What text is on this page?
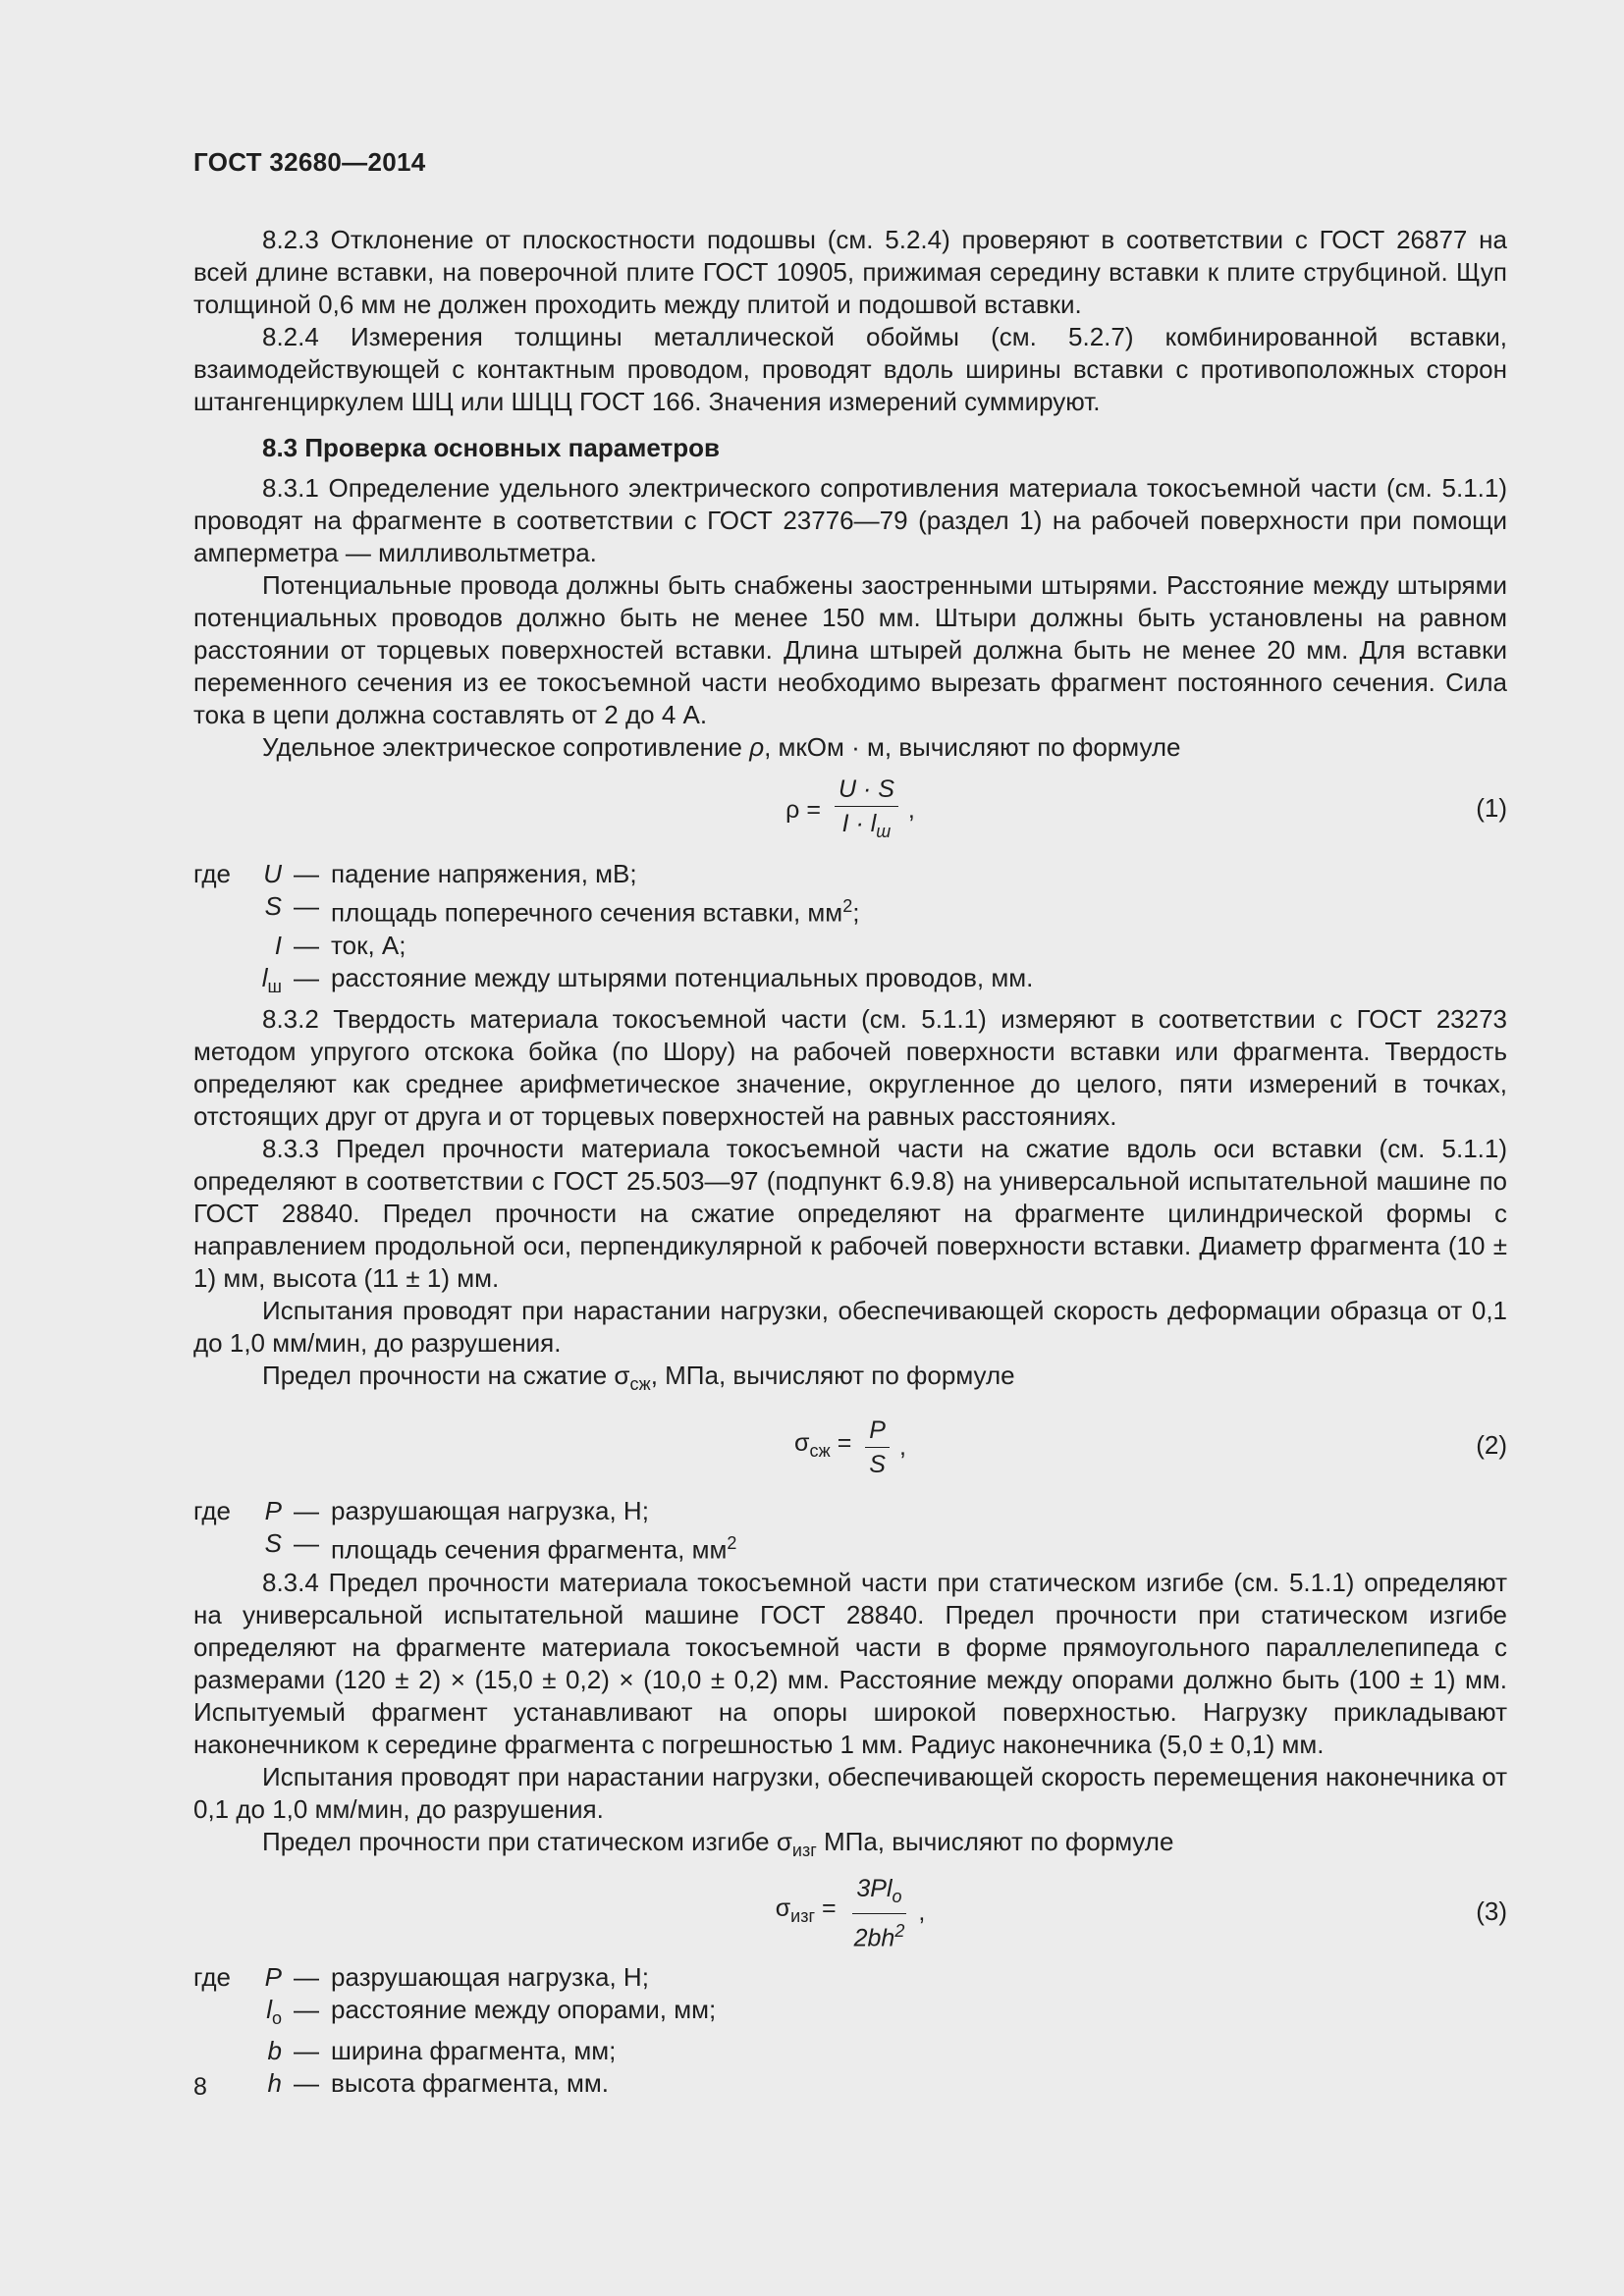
ГОСТ 32680—2014

8.2.3 Отклонение от плоскостности подошвы (см. 5.2.4) проверяют в соответствии с ГОСТ 26877 на всей длине вставки, на поверочной плите ГОСТ 10905, прижимая середину вставки к плите струбциной. Щуп толщиной 0,6 мм не должен проходить между плитой и подошвой вставки.

8.2.4 Измерения толщины металлической обоймы (см. 5.2.7) комбинированной вставки, взаимодействующей с контактным проводом, проводят вдоль ширины вставки с противоположных сторон штангенциркулем ШЦ или ШЦЦ ГОСТ 166. Значения измерений суммируют.

8.3 Проверка основных параметров

8.3.1 Определение удельного электрического сопротивления материала токосъемной части (см. 5.1.1) проводят на фрагменте в соответствии с ГОСТ 23776—79 (раздел 1) на рабочей поверхности при помощи амперметра — милливольтметра.

Потенциальные провода должны быть снабжены заостренными штырями. Расстояние между штырями потенциальных проводов должно быть не менее 150 мм. Штыри должны быть установлены на равном расстоянии от торцевых поверхностей вставки. Длина штырей должна быть не менее 20 мм. Для вставки переменного сечения из ее токосъемной части необходимо вырезать фрагмент постоянного сечения. Сила тока в цепи должна составлять от 2 до 4 А.

Удельное электрическое сопротивление ρ, мкОм · м, вычисляют по формуле

$\rho = \frac{U \cdot S}{I \cdot l_ш}$ ,	(1)
где	U — падение напряжения, мВ;
S — площадь поперечного сечения вставки, $мм^2$;
I — ток, А;
$l_ш$ — расстояние между штырями потенциальных проводов, мм.

8.3.2 Твердость материала токосъемной части (см. 5.1.1) измеряют в соответствии с ГОСТ 23273 методом упругого отскока бойка (по Шору) на рабочей поверхности вставки или фрагмента. Твердость определяют как среднее арифметическое значение, округленное до целого, пяти измерений в точках, отстоящих друг от друга и от торцевых поверхностей на равных расстояниях.

8.3.3 Предел прочности материала токосъемной части на сжатие вдоль оси вставки (см. 5.1.1) определяют в соответствии с ГОСТ 25.503—97 (подпункт 6.9.8) на универсальной испытательной машине по ГОСТ 28840. Предел прочности на сжатие определяют на фрагменте цилиндрической формы с направлением продольной оси, перпендикулярной к рабочей поверхности вставки. Диаметр фрагмента (10 ± 1) мм, высота (11 ± 1) мм.

Испытания проводят при нарастании нагрузки, обеспечивающей скорость деформации образца от 0,1 до 1,0 мм/мин, до разрушения.

Предел прочности на сжатие $\sigma_{сж}$, МПа, вычисляют по формуле

$\sigma_{сж} = \frac{P}{S}$ ,	(2)
где	P — разрушающая нагрузка, Н;
S — площадь сечения фрагмента, $мм^2$

8.3.4 Предел прочности материала токосъемной части при статическом изгибе (см. 5.1.1) определяют на универсальной испытательной машине ГОСТ 28840. Предел прочности при статическом изгибе определяют на фрагменте материала токосъемной части в форме прямоугольного параллелепипеда с размерами (120 ± 2) × (15,0 ± 0,2) × (10,0 ± 0,2) мм. Расстояние между опорами должно быть (100 ± 1) мм. Испытуемый фрагмент устанавливают на опоры широкой поверхностью. Нагрузку прикладывают наконечником к середине фрагмента с погрешностью 1 мм. Радиус наконечника (5,0 ± 0,1) мм.

Испытания проводят при нарастании нагрузки, обеспечивающей скорость перемещения наконечника от 0,1 до 1,0 мм/мин, до разрушения.

Предел прочности при статическом изгибе $\sigma_{изг}$ МПа, вычисляют по формуле

$\sigma_{изг} = \frac{3Pl_о}{2bh^2}$ ,	(3)
где	P — разрушающая нагрузка, Н;
$l_о$ — расстояние между опорами, мм;
b — ширина фрагмента, мм;
h — высота фрагмента, мм.
8
